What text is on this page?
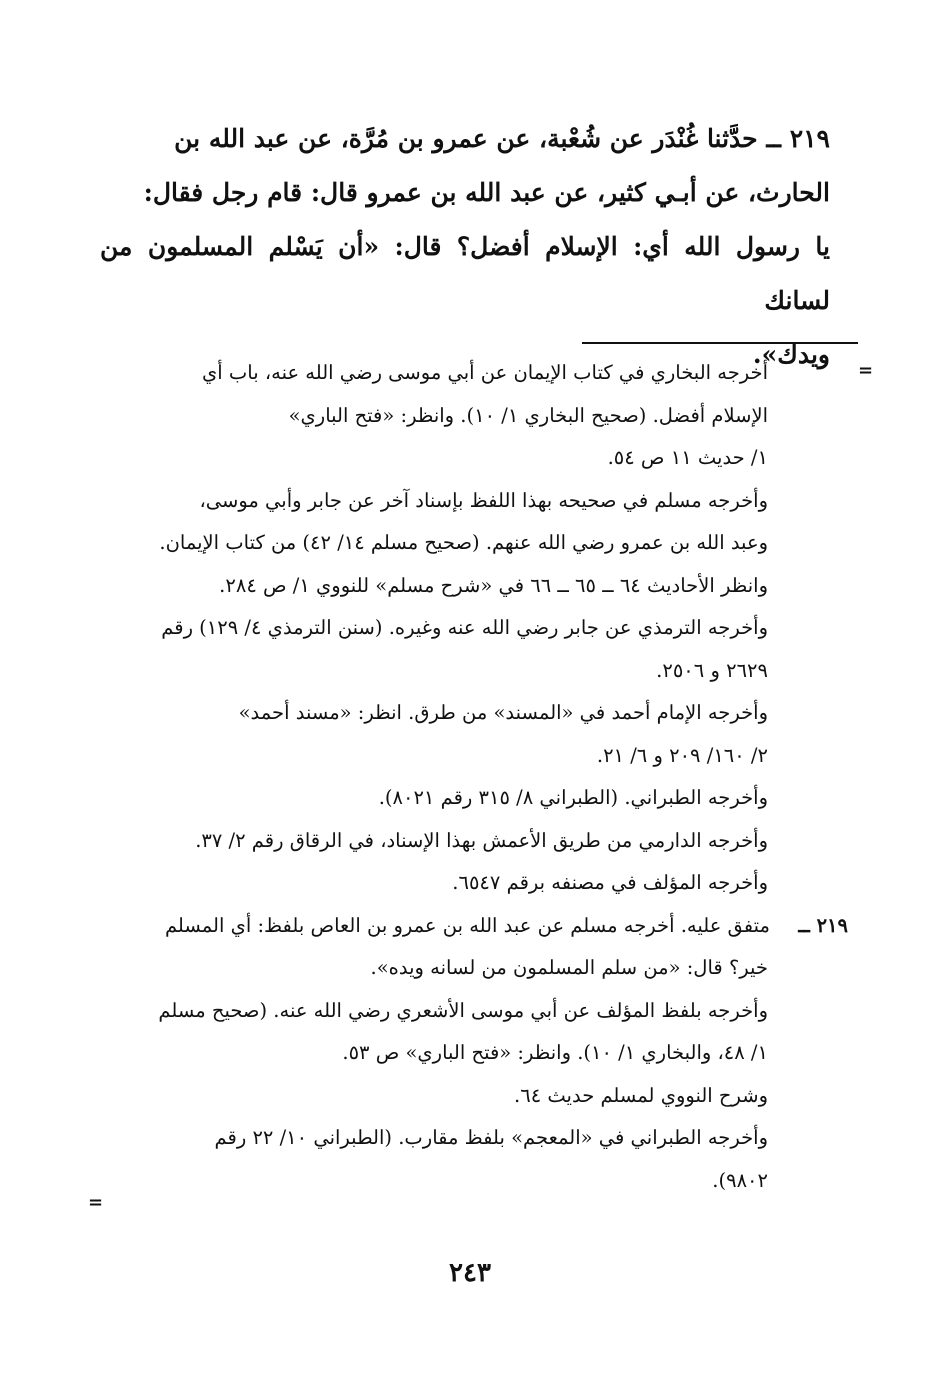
٢١٩ ــ حدَّثنا غُنْدَر عن شُعْبة، عن عمرو بن مُرَّة، عن عبد الله بن

الحارث، عن أبـي كثير، عن عبد الله بن عمرو قال: قام رجل فقال:

يا رسول الله أي: الإسلام أفضل؟ قال: «أن يَسْلم المسلمون من لسانك

ويدك».

=

أخرجه البخاري في كتاب الإيمان عن أبي موسى رضي الله عنه، باب أي

الإسلام أفضل. (صحيح البخاري ١/ ١٠). وانظر: «فتح الباري»

١/ حديث ١١ ص ٥٤.

وأخرجه مسلم في صحيحه بهذا اللفظ بإسناد آخر عن جابر وأبي موسى،

وعبد الله بن عمرو رضي الله عنهم. (صحيح مسلم ١٤/ ٤٢) من كتاب الإيمان.

وانظر الأحاديث ٦٤ ــ ٦٥ ــ ٦٦ في «شرح مسلم» للنووي ١/ ص ٢٨٤.

وأخرجه الترمذي عن جابر رضي الله عنه وغيره. (سنن الترمذي ٤/ ١٢٩) رقم

٢٦٢٩ و ٢٥٠٦.

وأخرجه الإمام أحمد في «المسند» من طرق. انظر: «مسند أحمد»

٢/ ١٦٠/ ٢٠٩ و ٦/ ٢١.

وأخرجه الطبراني. (الطبراني ٨/ ٣١٥ رقم ٨٠٢١).

وأخرجه الدارمي من طريق الأعمش بهذا الإسناد، في الرقاق رقم ٢/ ٣٧.

وأخرجه المؤلف في مصنفه برقم ٦٥٤٧.

٢١٩ ــمتفق عليه. أخرجه مسلم عن عبد الله بن عمرو بن العاص بلفظ: أي المسلم

خير؟ قال: «من سلم المسلمون من لسانه ويده».

وأخرجه بلفظ المؤلف عن أبي موسى الأشعري رضي الله عنه. (صحيح مسلم

١/ ٤٨، والبخاري ١/ ١٠). وانظر: «فتح الباري» ص ٥٣.

وشرح النووي لمسلم حديث ٦٤.

وأخرجه الطبراني في «المعجم» بلفظ مقارب. (الطبراني ١٠/ ٢٢ رقم

٩٨٠٢).

=
٢٤٣
